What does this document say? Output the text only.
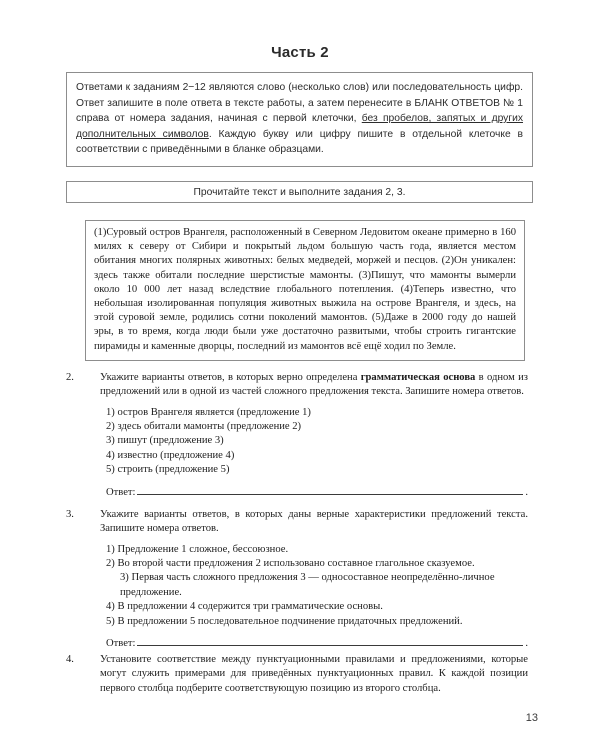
Часть 2
Ответами к заданиям 2−12 являются слово (несколько слов) или последовательность цифр. Ответ запишите в поле ответа в тексте работы, а затем перенесите в БЛАНК ОТВЕТОВ № 1 справа от номера задания, начиная с первой клеточки, без пробелов, запятых и других дополнительных символов. Каждую букву или цифру пишите в отдельной клеточке в соответствии с приведёнными в бланке образцами.
Прочитайте текст и выполните задания 2, 3.
(1)Суровый остров Врангеля, расположенный в Северном Ледовитом океане примерно в 160 милях к северу от Сибири и покрытый льдом большую часть года, является местом обитания многих полярных животных: белых медведей, моржей и песцов. (2)Он уникален: здесь также обитали последние шерстистые мамонты. (3)Пишут, что мамонты вымерли около 10 000 лет назад вследствие глобального потепления. (4)Теперь известно, что небольшая изолированная популяция животных выжила на острове Врангеля, и здесь, на этой суровой земле, родились сотни поколений мамонтов. (5)Даже в 2000 году до нашей эры, в то время, когда люди были уже достаточно развитыми, чтобы строить гигантские пирамиды и каменные дворцы, последний из мамонтов всё ещё ходил по Земле.
2.	Укажите варианты ответов, в которых верно определена грамматическая основа в одном из предложений или в одной из частей сложного предложения текста. Запишите номера ответов.
1) остров Врангеля является (предложение 1)
2) здесь обитали мамонты (предложение 2)
3) пишут (предложение 3)
4) известно (предложение 4)
5) строить (предложение 5)
Ответ:	.
3.	Укажите варианты ответов, в которых даны верные характеристики предложений текста. Запишите номера ответов.
1) Предложение 1 сложное, бессоюзное.
2) Во второй части предложения 2 использовано составное глагольное сказуемое.
3) Первая часть сложного предложения 3 — односоставное неопределённо-личное предложение.
4) В предложении 4 содержится три грамматические основы.
5) В предложении 5 последовательное подчинение придаточных предложений.
Ответ:	.
4.	Установите соответствие между пунктуационными правилами и предложениями, которые могут служить примерами для приведённых пунктуационных правил. К каждой позиции первого столбца подберите соответствующую позицию из второго столбца.
13
